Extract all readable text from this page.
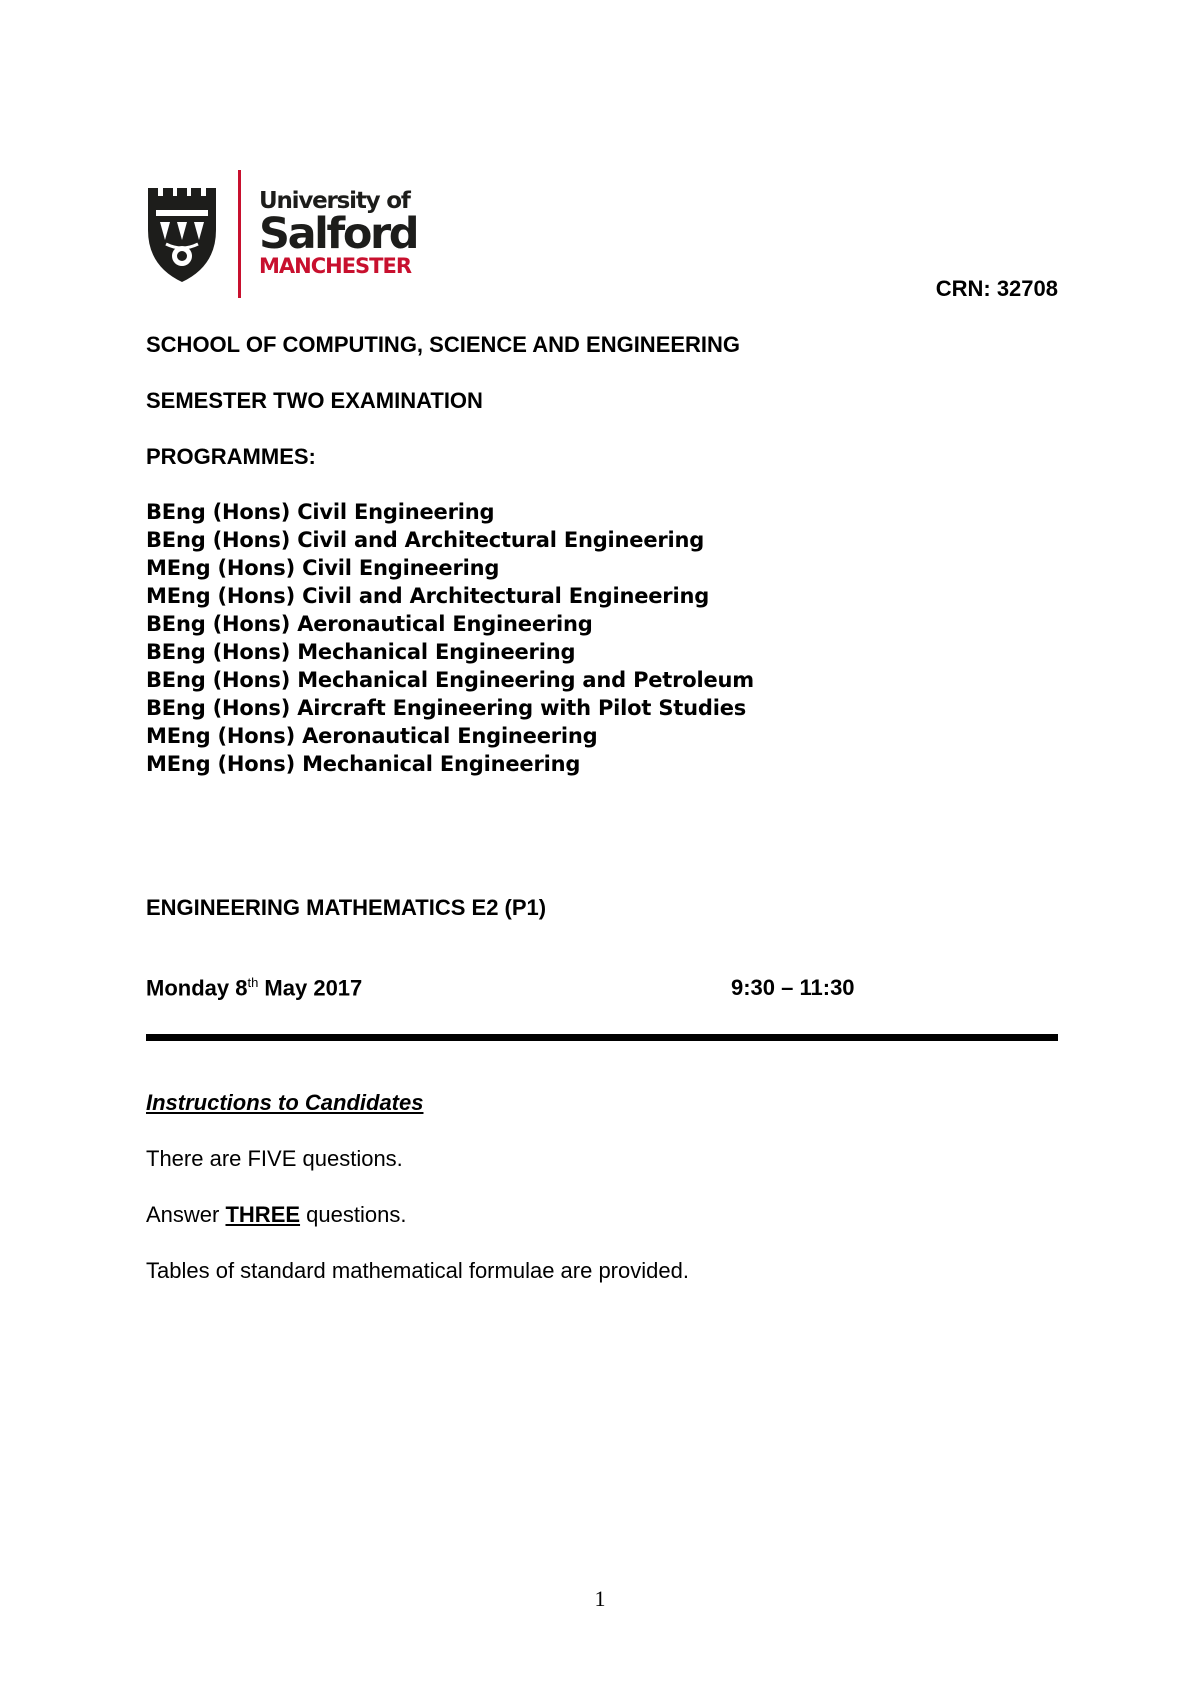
University of
Salford
MANCHESTER
CRN: 32708
SCHOOL OF COMPUTING, SCIENCE AND ENGINEERING
SEMESTER TWO EXAMINATION
PROGRAMMES:
BEng (Hons) Civil Engineering
BEng (Hons) Civil and Architectural Engineering
MEng (Hons) Civil Engineering
MEng (Hons) Civil and Architectural Engineering
BEng (Hons) Aeronautical Engineering
BEng (Hons) Mechanical Engineering
BEng (Hons) Mechanical Engineering and Petroleum
BEng (Hons) Aircraft Engineering with Pilot Studies
MEng (Hons) Aeronautical Engineering
MEng (Hons) Mechanical Engineering
ENGINEERING MATHEMATICS E2 (P1)
Monday 8th May 2017	9:30 – 11:30
Instructions to Candidates
There are FIVE questions.
Answer THREE questions.
Tables of standard mathematical formulae are provided.
1
